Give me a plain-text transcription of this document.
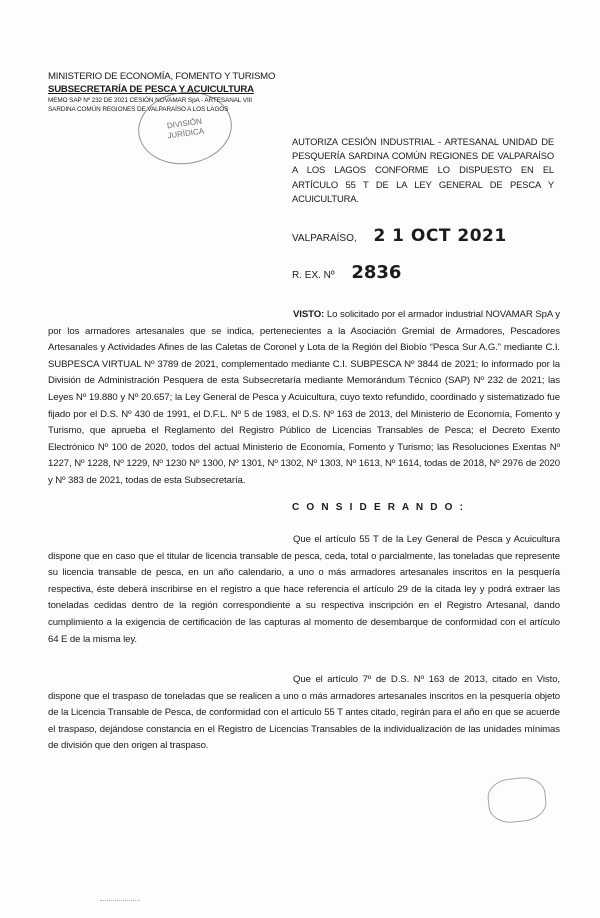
MINISTERIO DE ECONOMÍA, FOMENTO Y TURISMO
SUBSECRETARÍA DE PESCA Y ACUICULTURA
MEMO SAP Nº 232 DE 2021 CESIÓN NOVAMAR SpA - ARTESANAL VIII
SARDINA COMÚN REGIONES DE VALPARAÍSO A LOS LAGOS
DIVISIÓN
JURÍDICA
AUTORIZA CESIÓN INDUSTRIAL - ARTESANAL UNIDAD DE PESQUERÍA SARDINA COMÚN REGIONES DE VALPARAÍSO A LOS LAGOS CONFORME LO DISPUESTO EN EL ARTÍCULO 55 T DE LA LEY GENERAL DE PESCA Y ACUICULTURA.
VALPARAÍSO, 2 1 OCT 2021
R. EX. Nº 2836
VISTO: Lo solicitado por el armador industrial NOVAMAR SpA y por los armadores artesanales que se indica, pertenecientes a la Asociación Gremial de Armadores, Pescadores Artesanales y Actividades Afines de las Caletas de Coronel y Lota de la Región del Biobío “Pesca Sur A.G.” mediante C.I. SUBPESCA VIRTUAL Nº 3789 de 2021, complementado mediante C.I. SUBPESCA Nº 3844 de 2021; lo informado por la División de Administración Pesquera de esta Subsecretaría mediante Memorándum Técnico (SAP) Nº 232 de 2021; las Leyes Nº 19.880 y Nº 20.657; la Ley General de Pesca y Acuicultura, cuyo texto refundido, coordinado y sistematizado fue fijado por el D.S. Nº 430 de 1991, el D.F.L. Nº 5 de 1983, el D.S. Nº 163 de 2013, del Ministerio de Economía, Fomento y Turismo, que aprueba el Reglamento del Registro Público de Licencias Transables de Pesca; el Decreto Exento Electrónico Nº 100 de 2020, todos del actual Ministerio de Economía, Fomento y Turismo; las Resoluciones Exentas Nº 1227, Nº 1228, Nº 1229, Nº 1230 Nº 1300, Nº 1301, Nº 1302, Nº 1303, Nº 1613, Nº 1614, todas de 2018, Nº 2976 de 2020 y Nº 383 de 2021, todas de esta Subsecretaría.
C O N S I D E R A N D O :
Que el artículo 55 T de la Ley General de Pesca y Acuicultura dispone que en caso que el titular de licencia transable de pesca, ceda, total o parcialmente, las toneladas que represente su licencia transable de pesca, en un año calendario, a uno o más armadores artesanales inscritos en la pesquería respectiva, éste deberá inscribirse en el registro a que hace referencia el artículo 29 de la citada ley y podrá extraer las toneladas cedidas dentro de la región correspondiente a su respectiva inscripción en el Registro Artesanal, dando cumplimiento a la exigencia de certificación de las capturas al momento de desembarque de conformidad con el artículo 64 E de la misma ley.
Que el artículo 7º de D.S. Nº 163 de 2013, citado en Visto, dispone que el traspaso de toneladas que se realicen a uno o más armadores artesanales inscritos en la pesquería objeto de la Licencia Transable de Pesca, de conformidad con el artículo 55 T antes citado, regirán para el año en que se acuerde el traspaso, dejándose constancia en el Registro de Licencias Transables de la individualización de las unidades mínimas de división que den origen al traspaso.
